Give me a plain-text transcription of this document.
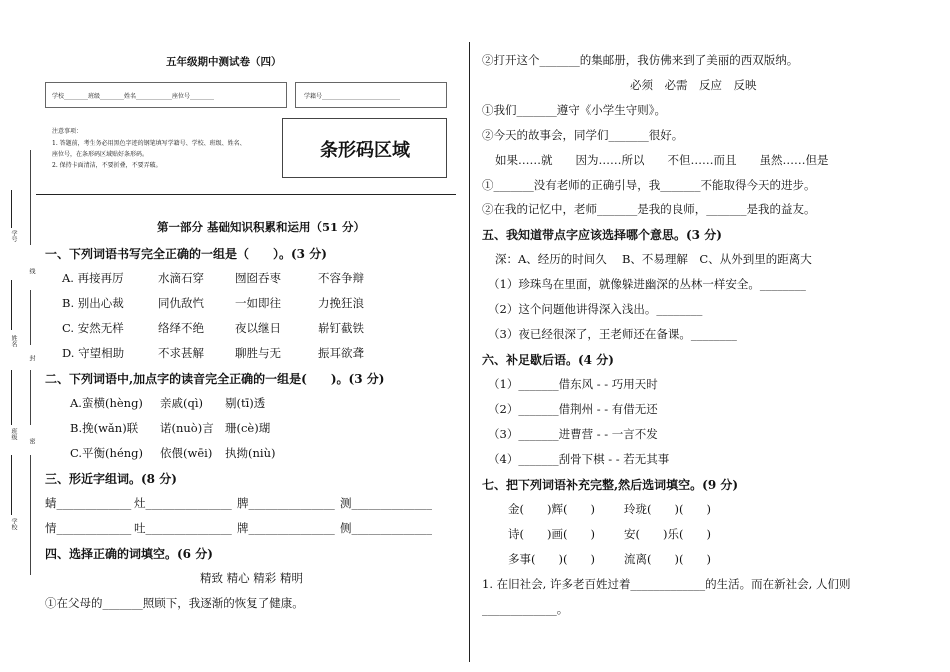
学号
线
姓名
封
班级
密
学校
五年级期中测试卷（四）
学校________班级________姓名____________座位号________	学籍号__________________________
注意事项：
1. 答题前，考生务必用黑色字迹的钢笔填写学籍号、学校、班级、姓名、
座位号，在条形码区域贴好条形码。
2. 保持卡面清洁，不要折叠，不要弄破。
条形码区域
第一部分 基础知识积累和运用（51 分）
一、下列词语书写完全正确的一组是（　　）。(3 分)
A. 再接再厉	水滴石穿	囫囵吞枣	不容争辩
B. 别出心裁	同仇敌忾	一如即往	力挽狂浪
C. 安然无样	络绎不绝	夜以继日	崭钉截铁
D. 守望相助	不求甚解	聊胜与无	振耳欲聋
二、下列词语中,加点字的读音完全正确的一组是(　　)。(3 分)
A.蛮横(hèng) 亲戚(qì) 剔(tī)透
B.挽(wǎn)联 诺(nuò)言 珊(cè)瑚
C.平衡(héng) 依偎(wēi) 执拗(niù)
三、形近字组词。(8 分)
蜻_____________ 灶_______________ 脾_______________ 测______________
情_____________ 吐_______________ 牌_______________ 侧______________
四、选择正确的词填空。(6 分)
精致 精心 精彩 精明
①在父母的_______照顾下，我逐渐的恢复了健康。
②打开这个_______的集邮册，我仿佛来到了美丽的西双版纳。
必须　必需　反应　反映
①我们_______遵守《小学生守则》。
②今天的故事会，同学们_______很好。
如果……就　　因为……所以　　不但……而且　　虽然……但是
①_______没有老师的正确引导，我_______不能取得今天的进步。
②在我的记忆中，老师_______是我的良师，_______是我的益友。
五、我知道带点字应该选择哪个意思。(3 分)
深：A、经历的时间久　 B、不易理解　C、从外到里的距离大
（1）珍珠鸟在里面，就像躲进幽深的丛林一样安全。________
（2）这个问题他讲得深入浅出。________
（3）夜已经很深了，王老师还在备课。________
六、补足歇后语。(4 分)
（1）_______借东风 - - 巧用天时
（2）_______借荆州 - - 有借无还
（3）_______进曹营 - - 一言不发
（4）_______刮骨下棋 - - 若无其事
七、把下列词语补充完整,然后选词填空。(9 分)
金(　　)辉(　　)	玲珑(　　)(　　)
诗(　　)画(　　)	安(　　)乐(　　)
多事(　　)(　　)	流离(　　)(　　)
1. 在旧社会, 许多老百姓过着_____________的生活。而在新社会, 人们则
_____________。
